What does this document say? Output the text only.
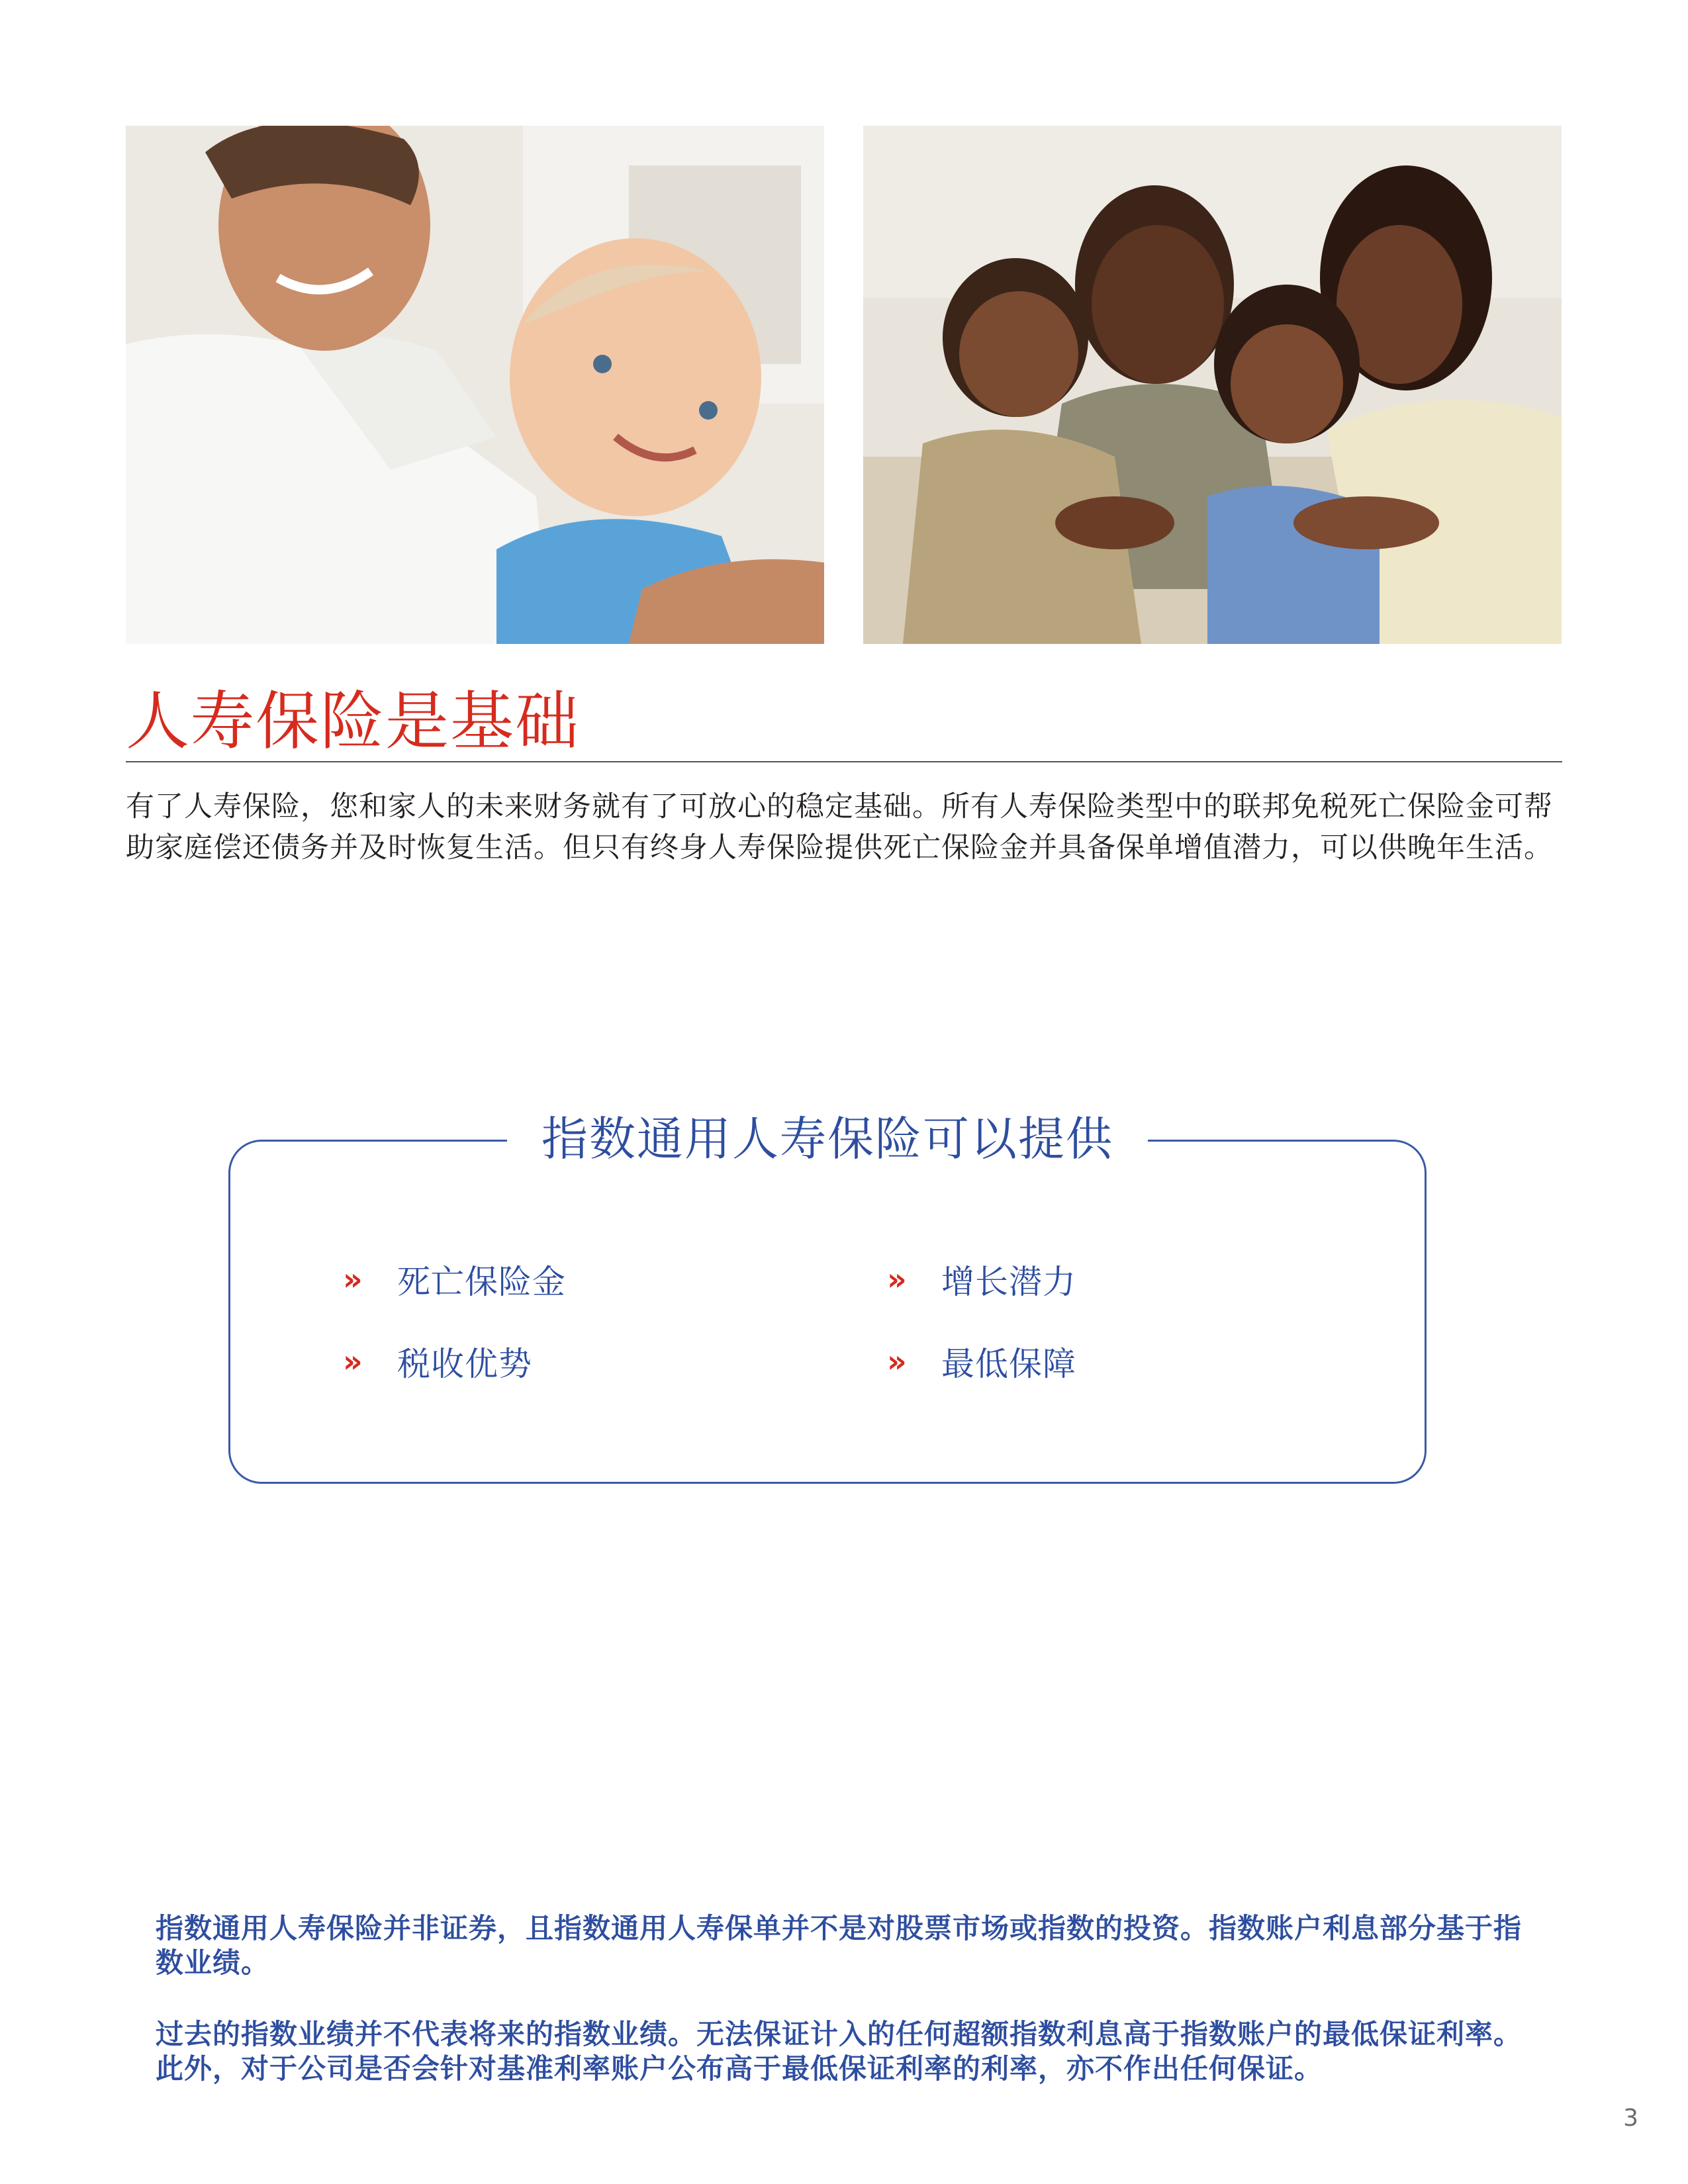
人寿保险是基础

有了人寿保险，您和家人的未来财务就有了可放心的稳定基础。所有人寿保险类型中的联邦免税死亡保险金可帮助家庭偿还债务并及时恢复生活。但只有终身人寿保险提供死亡保险金并具备保单增值潜力，可以供晚年生活。

指数通用人寿保险可以提供
»	死亡保险金	»	增长潜力
»	税收优势	»	最低保障

指数通用人寿保险并非证券，且指数通用人寿保单并不是对股票市场或指数的投资。指数账户利息部分基于指数业绩。

过去的指数业绩并不代表将来的指数业绩。无法保证计入的任何超额指数利息高于指数账户的最低保证利率。此外，对于公司是否会针对基准利率账户公布高于最低保证利率的利率，亦不作出任何保证。

3
